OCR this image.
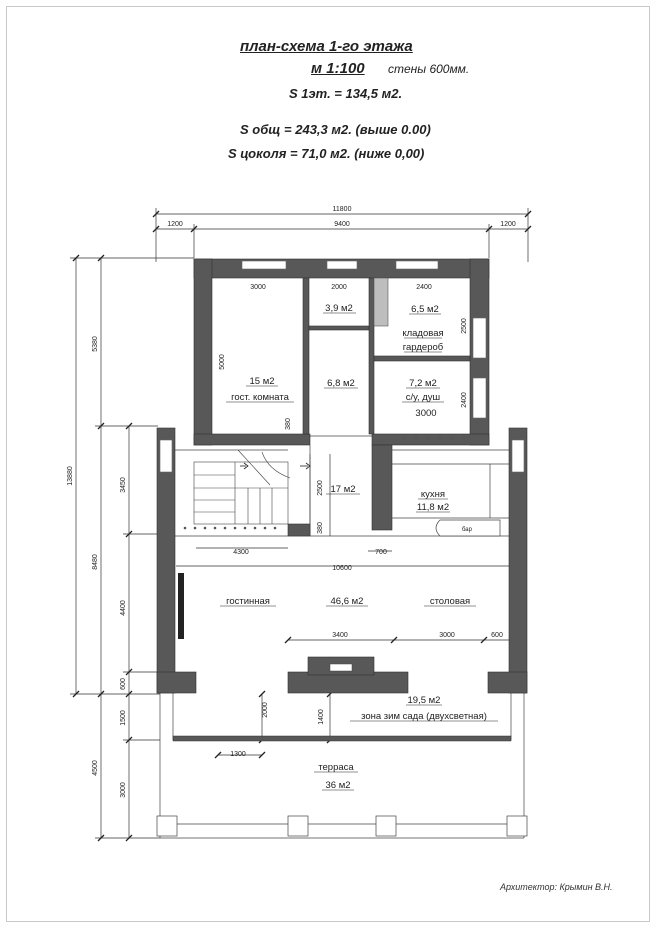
план-схема 1-го этажа
м 1:100 стены 600мм.
S 1эт. = 134,5 м2.
S общ = 243,3 м2. (выше 0.00)
S цоколя = 71,0 м2. (ниже 0,00)
11800
1200	9400	1200
13880
5380
8480
3450
4400
600
1500
4500
3000
3000	2000	2400
2500
5000
2400
380
380
2500
4300	700
10600
3400	3000	600
2000	1400
1300
15 м2
гост. комната
3,9 м2	6,5 м2
кладовая
гардероб
6,8 м2	7,2 м2
с/у, душ
3000
17 м2	кухня
11,8 м2
бар
гостинная	46,6 м2	столовая
19,5 м2
зона зим сада (двухсветная)
терраса
36 м2
Архитектор: Крымин В.Н.
